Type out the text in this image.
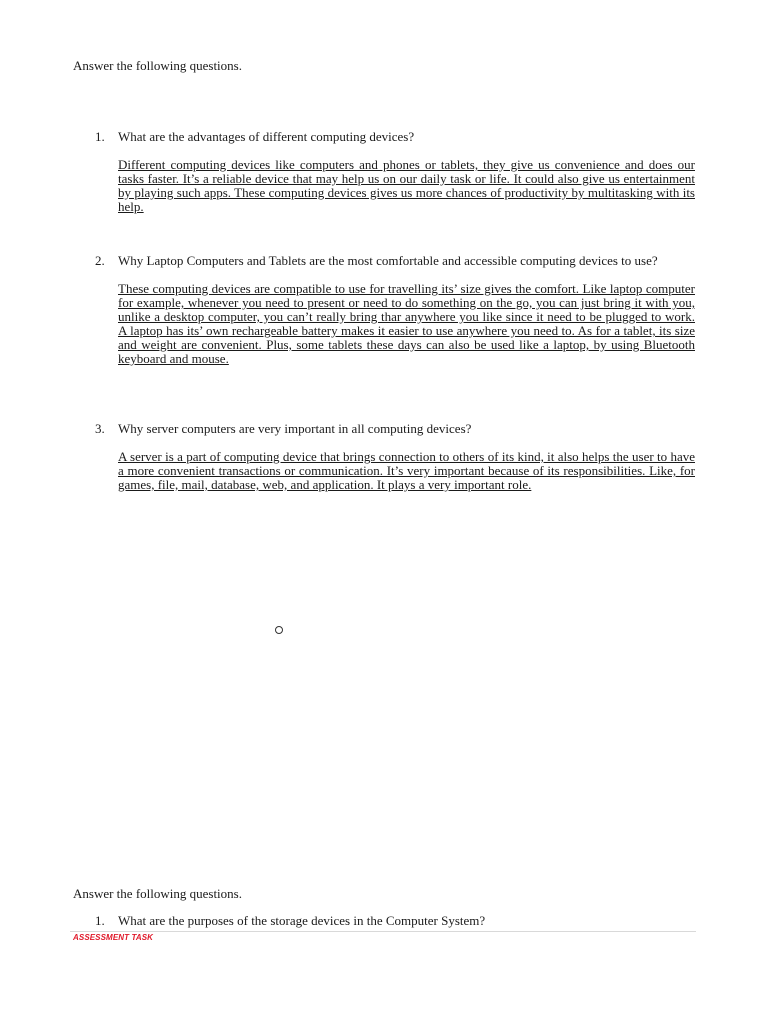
Answer the following questions.
1.	What are the advantages of different computing devices?
Different computing devices like computers and phones or tablets, they give us convenience and does our tasks faster. It’s a reliable device that may help us on our daily task or life. It could also give us entertainment by playing such apps. These computing devices gives us more chances of productivity by multitasking with its help.
2.	Why Laptop Computers and Tablets are the most comfortable and accessible computing devices to use?
These computing devices are compatible to use for travelling its’ size gives the comfort. Like laptop computer for example, whenever you need to present or need to do something on the go, you can just bring it with you, unlike a desktop computer, you can’t really bring thar anywhere you like since it need to be plugged to work. A laptop has its’ own rechargeable battery makes it easier to use anywhere you need to. As for a tablet, its size and weight are convenient. Plus, some tablets these days can also be used like a laptop, by using Bluetooth keyboard and mouse.
3.	Why server computers are very important in all computing devices?
A server is a part of computing device that brings connection to others of its kind, it also helps the user to have a more convenient transactions or communication. It’s very important because of its responsibilities. Like, for games, file, mail, database, web, and application. It plays a very important role.
Answer the following questions.
1.	What are the purposes of the storage devices in the Computer System?
ASSESSMENT TASK
